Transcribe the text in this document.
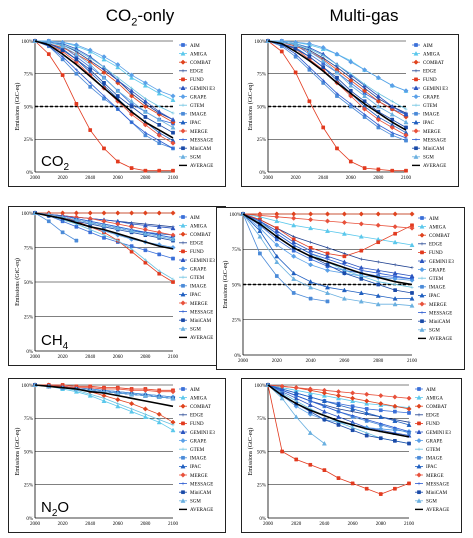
$CO_2$-only	Multi-gas
0%
25%
50%
75%
100%
2000	2020	2040	2060	2080	2100
Emissions (GtC-eq)
AIM
AMIGA
COMBAT
EDGE
FUND
GEMINI E3
GRAPE
GTEM
IMAGE
IPAC
MERGE
MESSAGE
MiniCAM
SGM
AVERAGE
$CO_2$
0%
25%
50%
75%
100%
2000	2020	2040	2060	2080	2100
Emissions (GtC-eq)
AIM
AMIGA
COMBAT
EDGE
FUND
GEMINI E3
GRAPE
GTEM
IMAGE
IPAC
MERGE
MESSAGE
MiniCAM
SGM
AVERAGE
0%
25%
50%
75%
100%
2000	2020	2040	2060	2080	2100
Emissions (GtC-eq)
AIM
AMIGA
COMBAT
EDGE
FUND
GEMINI E3
GRAPE
GTEM
IMAGE
IPAC
MERGE
MESSAGE
MiniCAM
SGM
AVERAGE
$CH_4$
0%
25%
50%
75%
100%
2000	2020	2040	2060	2080	2100
Emissions (GtC-eq)
AIM
AMIGA
COMBAT
EDGE
FUND
GEMINI E3
GRAPE
GTEM
IMAGE
IPAC
MERGE
MESSAGE
MiniCAM
SGM
AVERAGE
0%
25%
50%
75%
100%
2000	2020	2040	2060	2080	2100
Emissions (GtC-eq)
AIM
AMIGA
COMBAT
EDGE
FUND
GEMINI E3
GRAPE
GTEM
IMAGE
IPAC
MERGE
MESSAGE
MiniCAM
SGM
AVERAGE
$N_2O$
0%
25%
50%
75%
100%
2000	2020	2040	2060	2080	2100
Emissions (GtC-eq)
AIM
AMIGA
COMBAT
EDGE
FUND
GEMINI E3
GRAPE
GTEM
IMAGE
IPAC
MERGE
MESSAGE
MiniCAM
SGM
AVERAGE
